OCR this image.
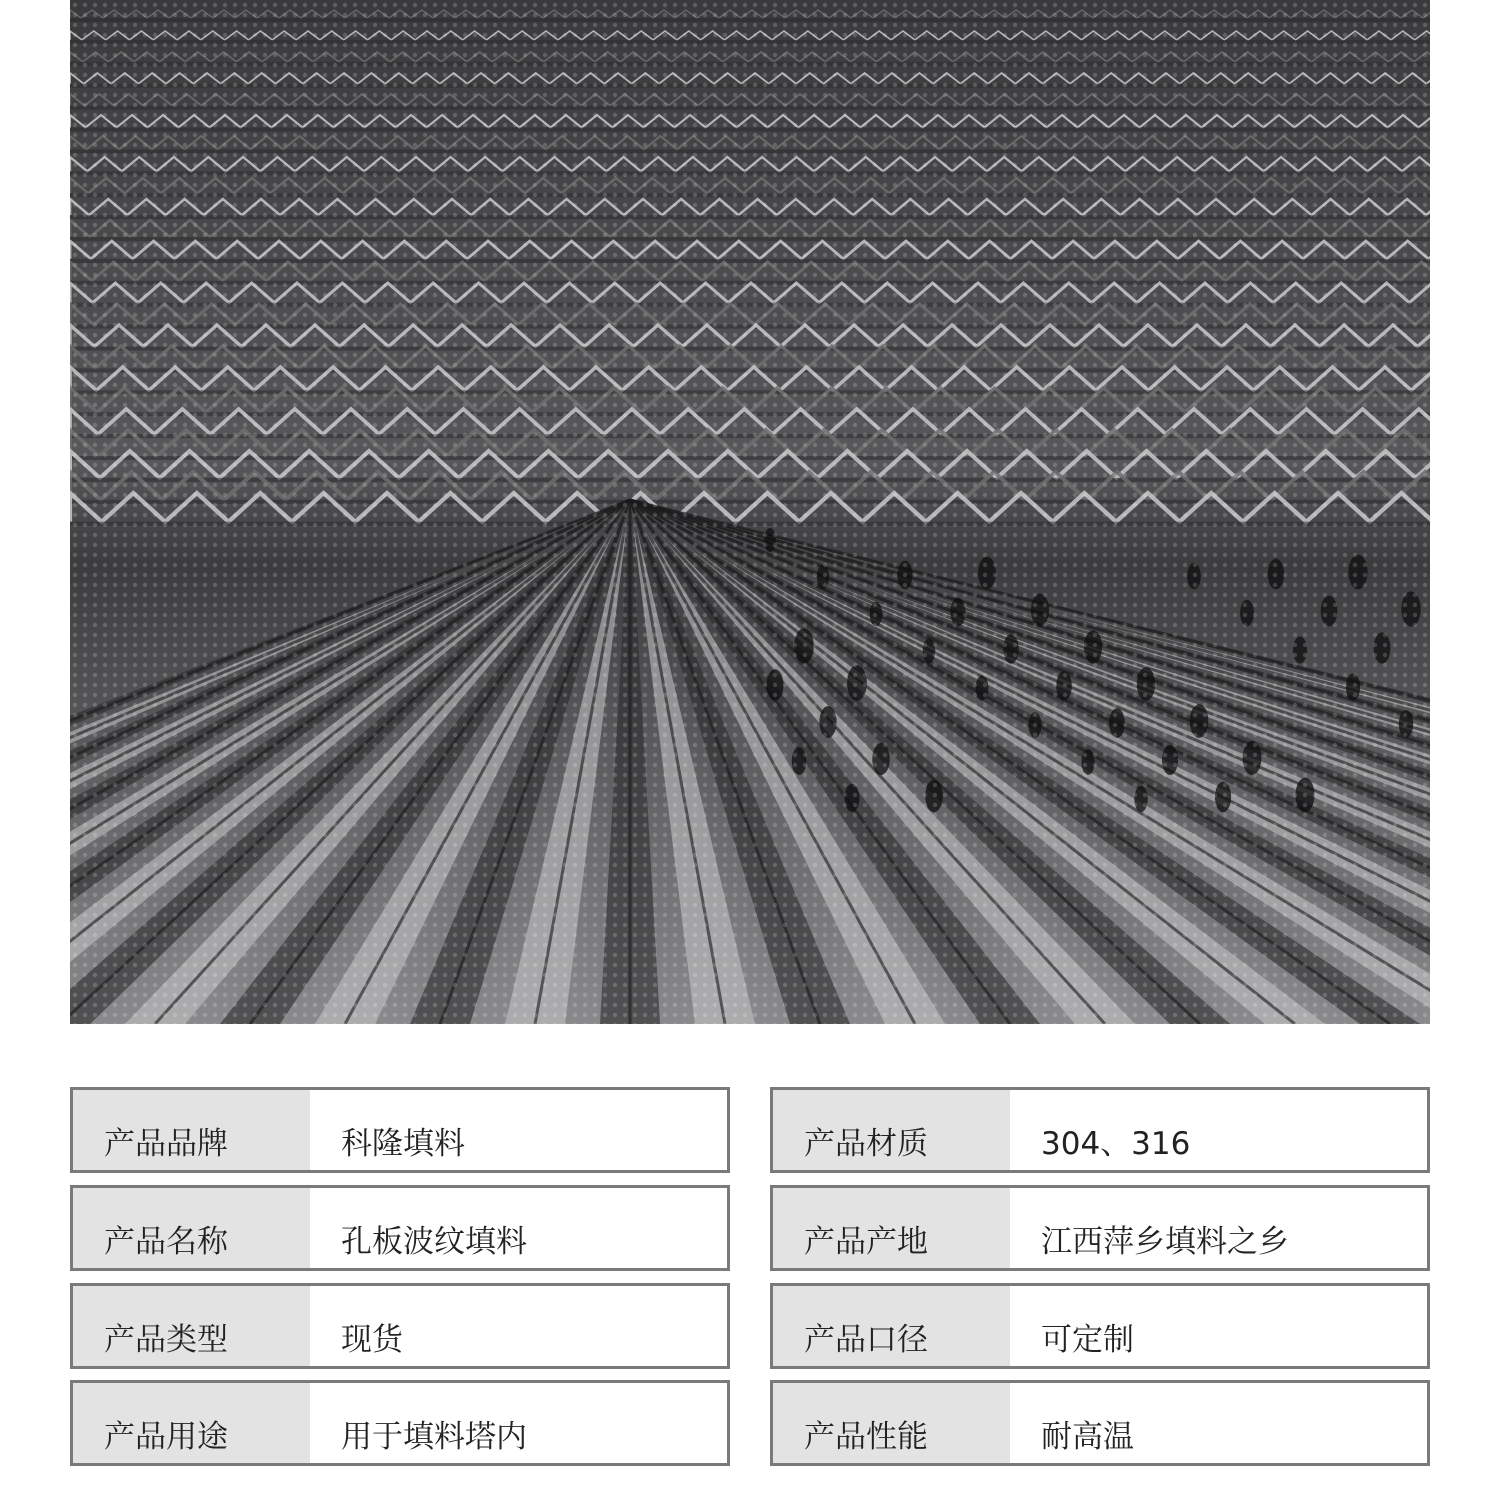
产品品牌	科隆填料	产品材质	304、316
产品名称	孔板波纹填料	产品产地	江西萍乡填料之乡
产品类型	现货	产品口径	可定制
产品用途	用于填料塔内	产品性能	耐高温
